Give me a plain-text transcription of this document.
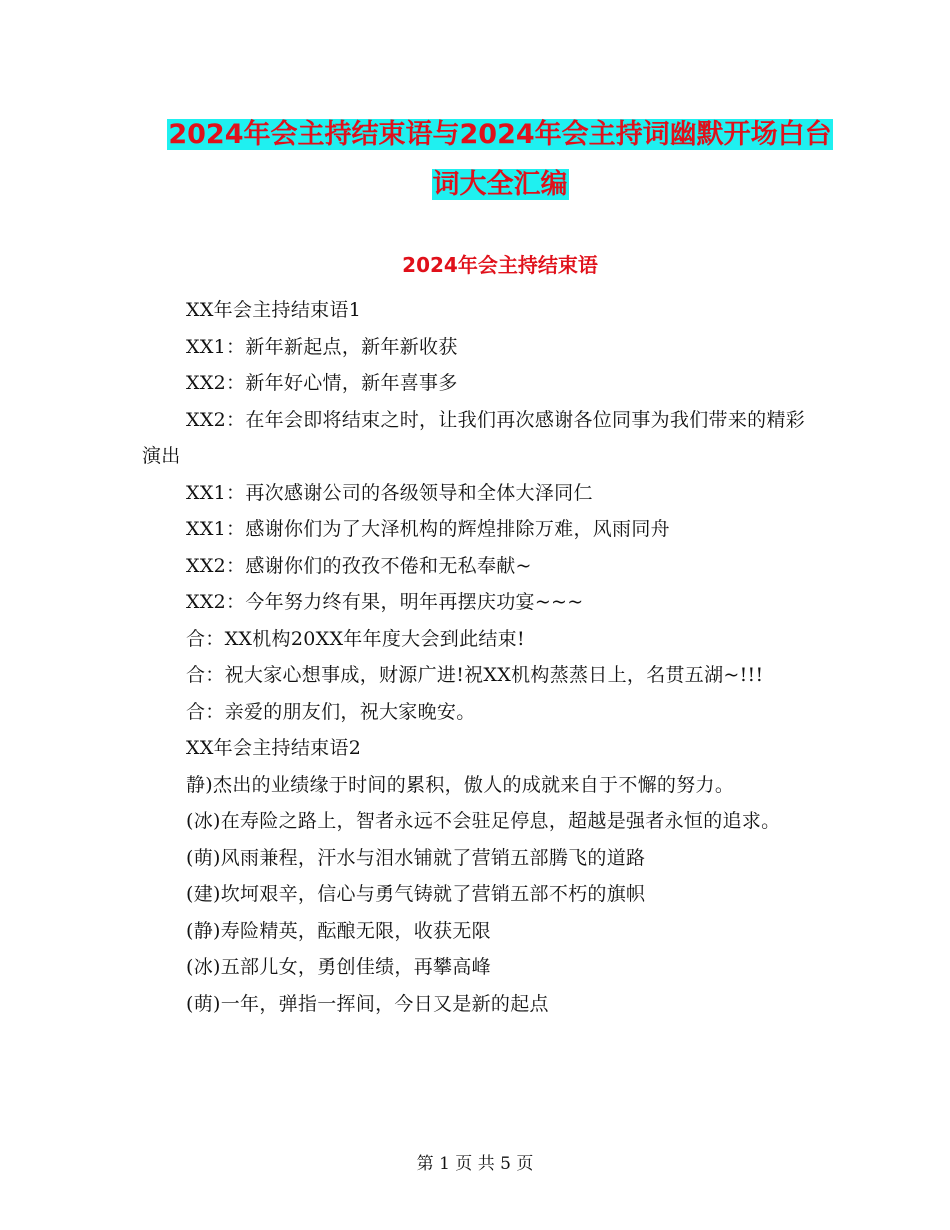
2024年会主持结束语与2024年会主持词幽默开场白台
词大全汇编
2024年会主持结束语

XX年会主持结束语1

XX1：新年新起点，新年新收获

XX2：新年好心情，新年喜事多

XX2：在年会即将结束之时，让我们再次感谢各位同事为我们带来的精彩演出

XX1：再次感谢公司的各级领导和全体大泽同仁

XX1：感谢你们为了大泽机构的辉煌排除万难，风雨同舟

XX2：感谢你们的孜孜不倦和无私奉献~

XX2：今年努力终有果，明年再摆庆功宴~~~

合：XX机构20XX年年度大会到此结束!

合：祝大家心想事成，财源广进!祝XX机构蒸蒸日上，名贯五湖~!!!

合：亲爱的朋友们，祝大家晚安。

XX年会主持结束语2

静)杰出的业绩缘于时间的累积，傲人的成就来自于不懈的努力。

(冰)在寿险之路上，智者永远不会驻足停息，超越是强者永恒的追求。

(萌)风雨兼程，汗水与泪水铺就了营销五部腾飞的道路

(建)坎坷艰辛，信心与勇气铸就了营销五部不朽的旗帜

(静)寿险精英，酝酿无限，收获无限

(冰)五部儿女，勇创佳绩，再攀高峰

(萌)一年，弹指一挥间，今日又是新的起点

第 1 页 共 5 页
